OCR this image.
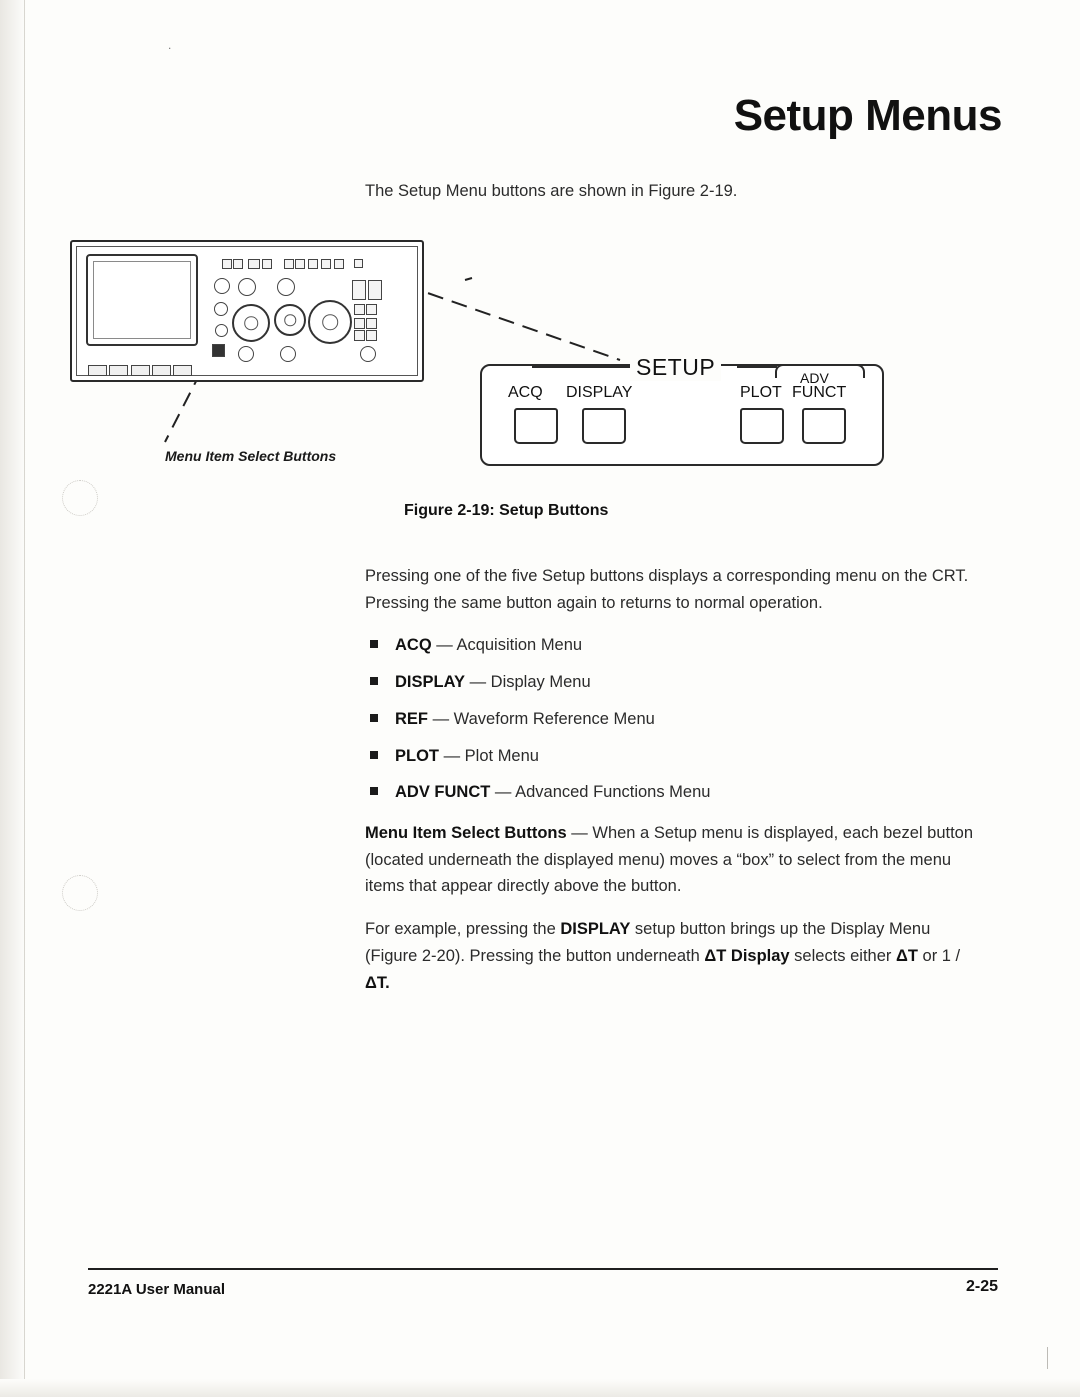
.
Setup Menus
The Setup Menu buttons are shown in Figure 2-19.
Menu Item Select Buttons
SETUP
ACQ DISPLAY	PLOT
ADV
FUNCT
Figure 2-19: Setup Buttons

Pressing one of the five Setup buttons displays a corresponding menu on the CRT. Pressing the same button again to returns to normal operation.

ACQ — Acquisition Menu
DISPLAY — Display Menu
REF — Waveform Reference Menu
PLOT — Plot Menu
ADV FUNCT — Advanced Functions Menu

Menu Item Select Buttons — When a Setup menu is displayed, each bezel button (located underneath the displayed menu) moves a “box” to select from the menu items that appear directly above the button.

For example, pressing the DISPLAY setup button brings up the Display Menu (Figure 2-20). Pressing the button underneath ΔT Display selects either ΔT or 1 / ΔT.

2221A User Manual	2-25
